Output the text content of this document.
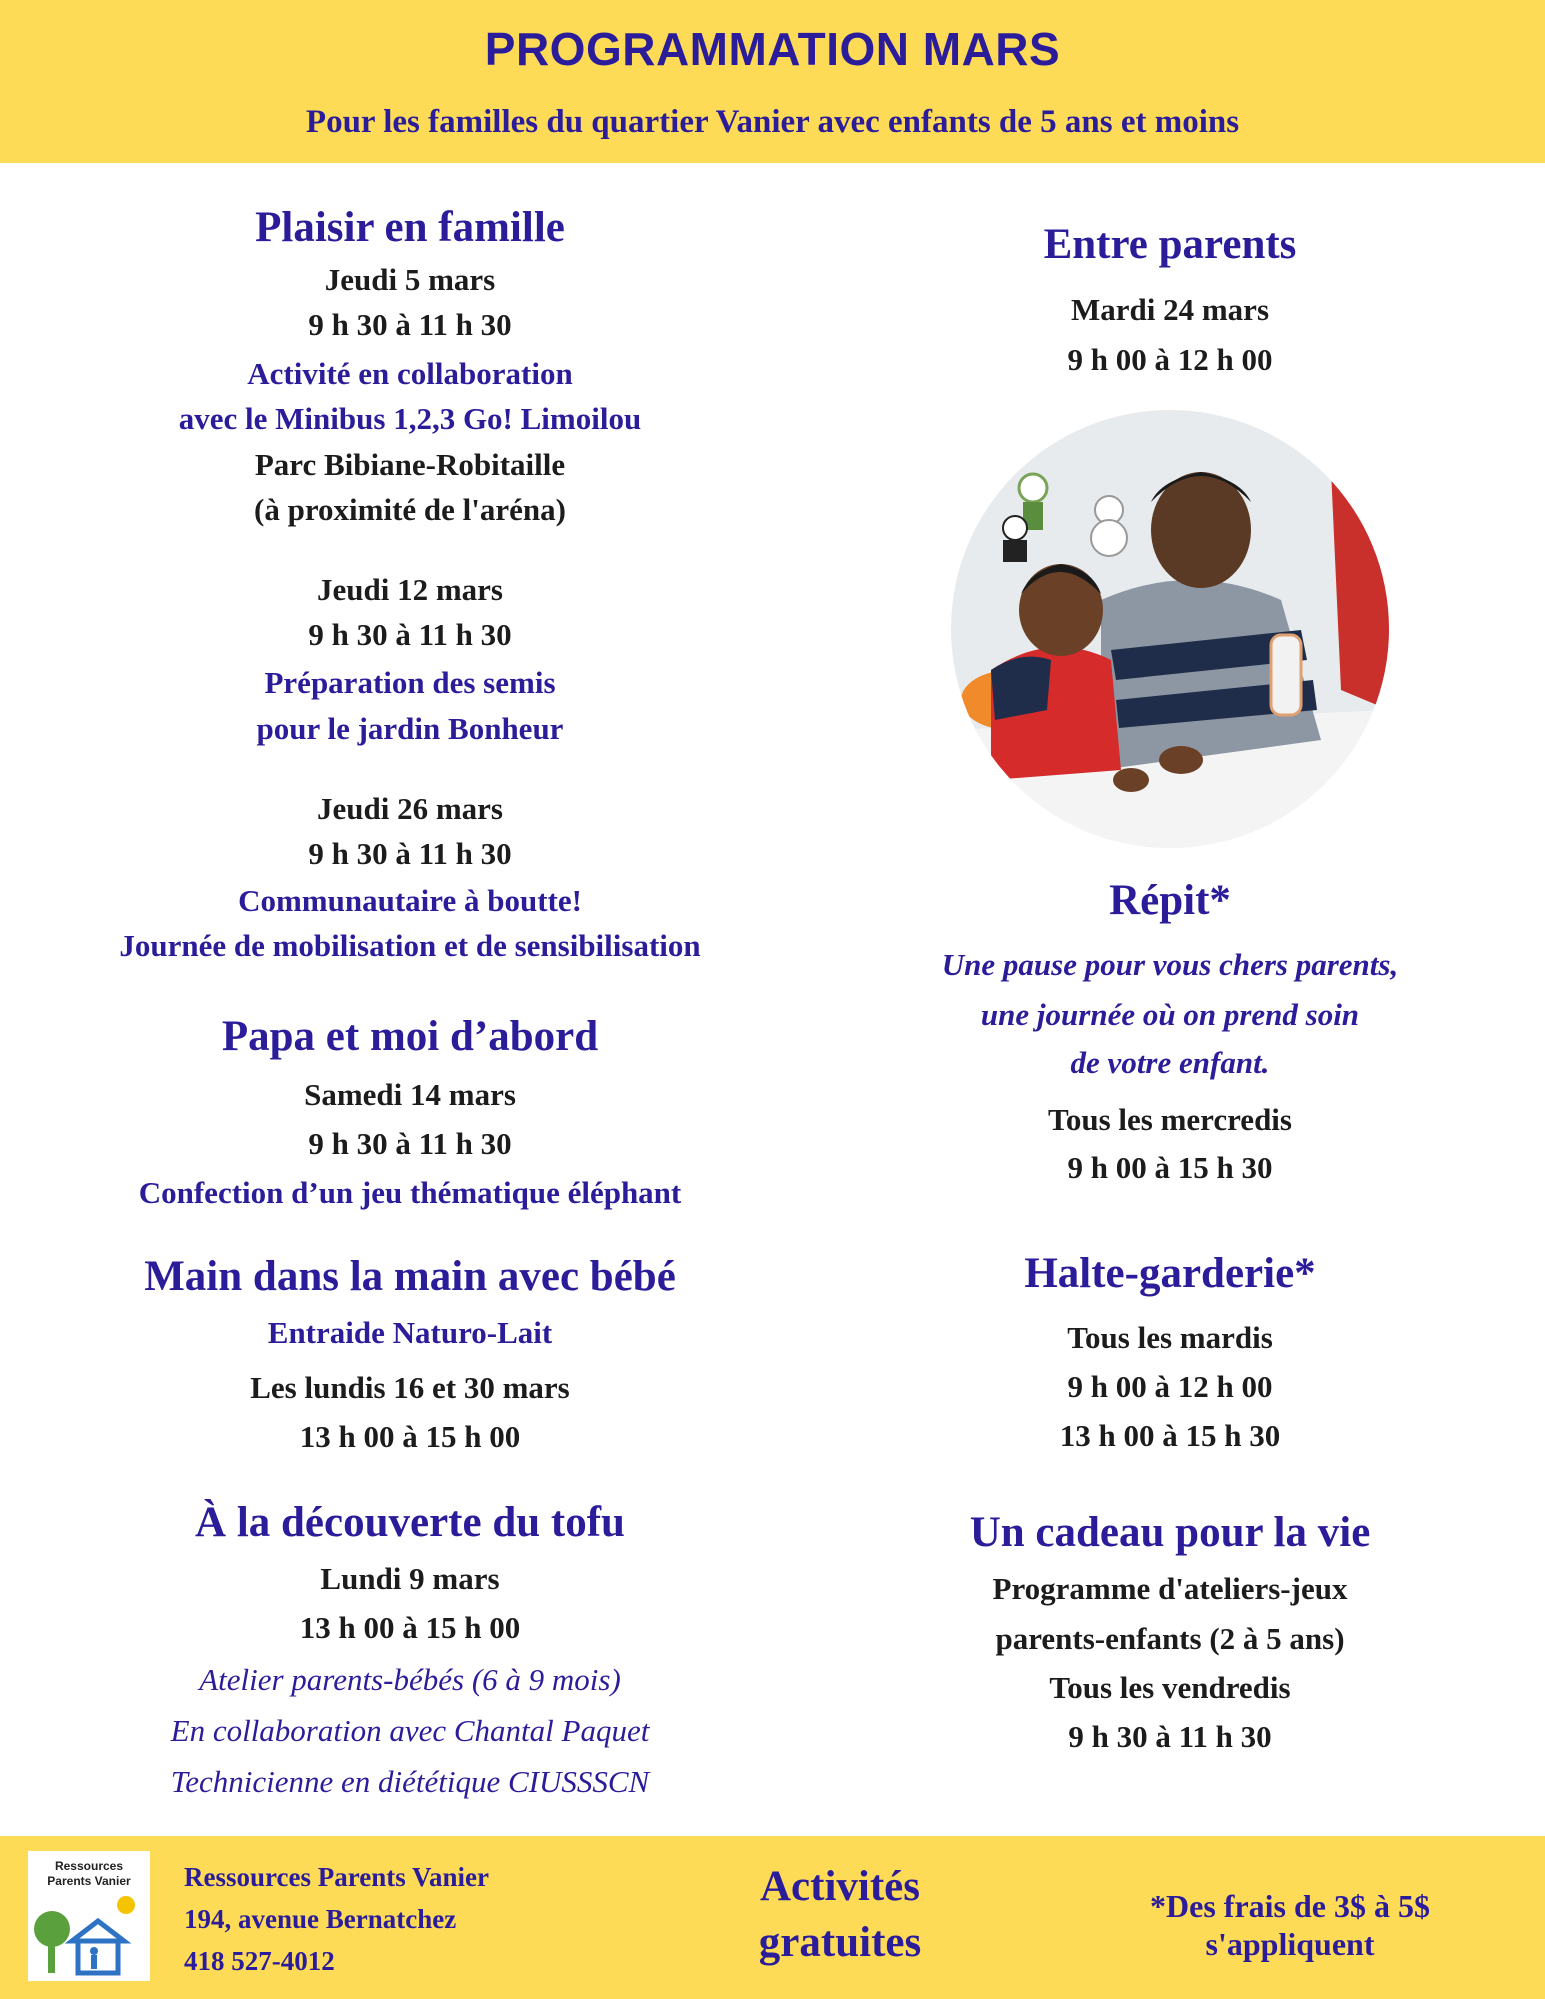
PROGRAMMATION MARS
Pour les familles du quartier Vanier avec enfants de 5 ans et moins
Plaisir en famille
Jeudi 5 mars
9 h 30 à 11 h 30
Activité en collaboration
avec le Minibus 1,2,3 Go! Limoilou
Parc Bibiane-Robitaille
(à proximité de l'aréna)
Jeudi 12 mars
9 h 30 à 11 h 30
Préparation des semis
pour le jardin Bonheur
Jeudi 26 mars
9 h 30 à 11 h 30
Communautaire à boutte!
Journée de mobilisation et de sensibilisation
Papa et moi d’abord
Samedi 14 mars
9 h 30 à 11 h 30
Confection d’un jeu thématique éléphant
Main dans la main avec bébé
Entraide Naturo-Lait
Les lundis 16 et 30 mars
13 h 00 à 15 h 00
À la découverte du tofu
Lundi 9 mars
13 h 00 à 15 h 00
Atelier parents-bébés (6 à 9 mois)
En collaboration avec Chantal Paquet
Technicienne en diététique CIUSSSCN
Entre parents
Mardi 24 mars
9 h 00 à 12 h 00
Répit*
Une pause pour vous chers parents,
une journée où on prend soin
de votre enfant.
Tous les mercredis
9 h 00 à 15 h 30
Halte-garderie*
Tous les mardis
9 h 00 à 12 h 00
13 h 00 à 15 h 30
Un cadeau pour la vie
Programme d'ateliers-jeux
parents-enfants (2 à 5 ans)
Tous les vendredis
9 h 30 à 11 h 30
Ressources
Parents Vanier	Ressources Parents Vanier
194, avenue Bernatchez
418 527-4012
Activités
gratuites
*Des frais de 3$ à 5$
s'appliquent
